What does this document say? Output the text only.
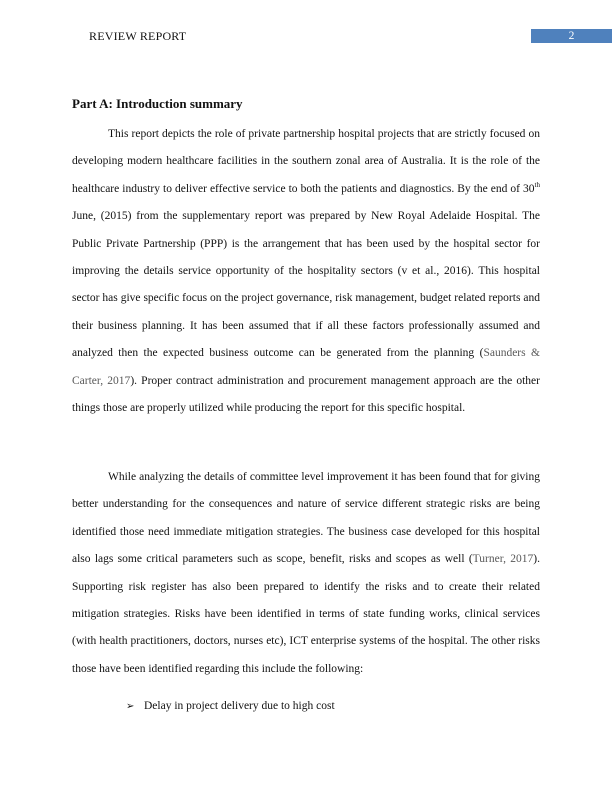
REVIEW REPORT	2
Part A: Introduction summary

This report depicts the role of private partnership hospital projects that are strictly focused on developing modern healthcare facilities in the southern zonal area of Australia. It is the role of the healthcare industry to deliver effective service to both the patients and diagnostics. By the end of 30th June, (2015) from the supplementary report was prepared by New Royal Adelaide Hospital. The Public Private Partnership (PPP) is the arrangement that has been used by the hospital sector for improving the details service opportunity of the hospitality sectors (v et al., 2016). This hospital sector has give specific focus on the project governance, risk management, budget related reports and their business planning. It has been assumed that if all these factors professionally assumed and analyzed then the expected business outcome can be generated from the planning (Saunders & Carter, 2017). Proper contract administration and procurement management approach are the other things those are properly utilized while producing the report for this specific hospital.

While analyzing the details of committee level improvement it has been found that for giving better understanding for the consequences and nature of service different strategic risks are being identified those need immediate mitigation strategies. The business case developed for this hospital also lags some critical parameters such as scope, benefit, risks and scopes as well (Turner, 2017). Supporting risk register has also been prepared to identify the risks and to create their related mitigation strategies. Risks have been identified in terms of state funding works, clinical services (with health practitioners, doctors, nurses etc), ICT enterprise systems of the hospital. The other risks those have been identified regarding this include the following:

➢ Delay in project delivery due to high cost
